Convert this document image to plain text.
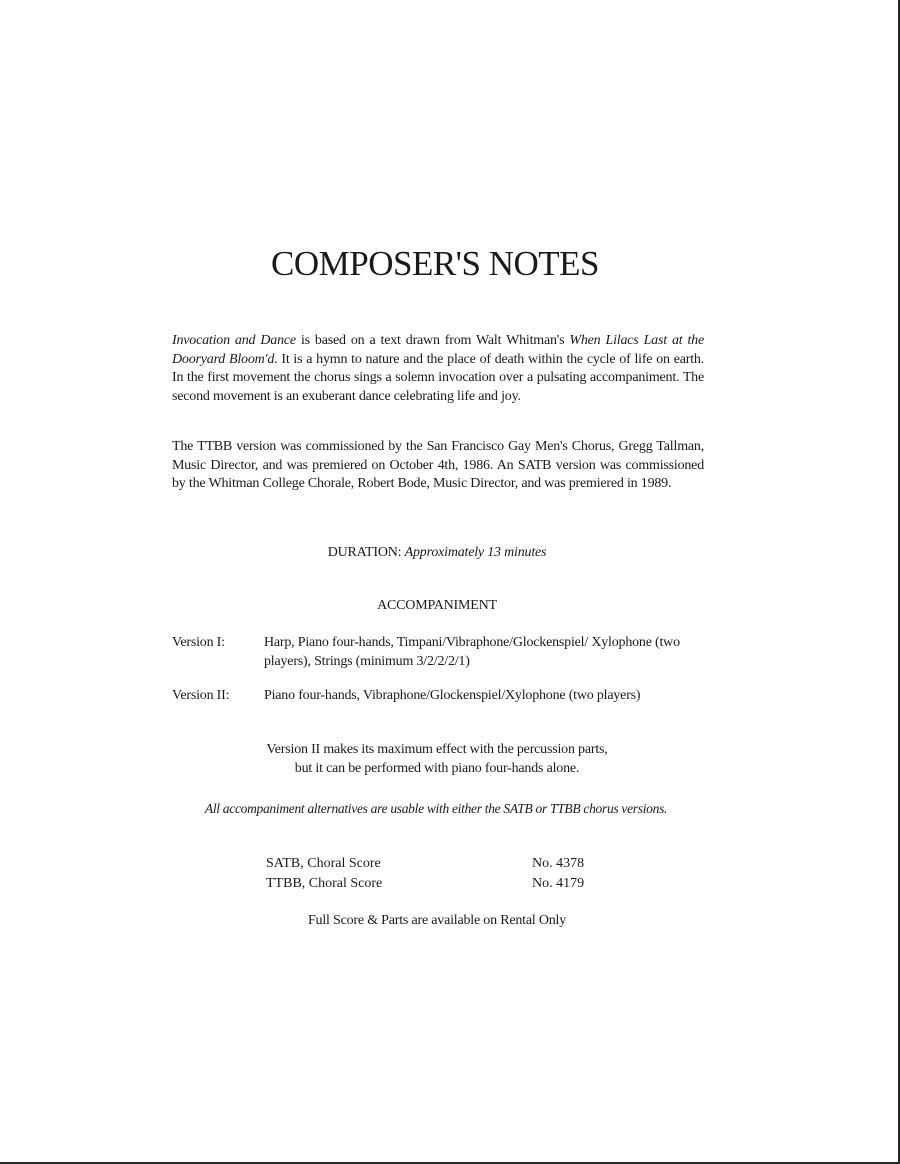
COMPOSER'S NOTES

Invocation and Dance is based on a text drawn from Walt Whitman's When Lilacs Last at the Dooryard Bloom'd. It is a hymn to nature and the place of death within the cycle of life on earth. In the first movement the chorus sings a solemn invocation over a pulsating accompaniment. The second movement is an exuberant dance celebrating life and joy.

The TTBB version was commissioned by the San Francisco Gay Men's Chorus, Gregg Tallman, Music Director, and was premiered on October 4th, 1986. An SATB version was commissioned by the Whitman College Chorale, Robert Bode, Music Director, and was premiered in 1989.

DURATION: Approximately 13 minutes

ACCOMPANIMENT

Version I:	Harp, Piano four-hands, Timpani/Vibraphone/Glockenspiel/ Xylophone (two players), Strings (minimum 3/2/2/2/1)
Version II:	Piano four-hands, Vibraphone/Glockenspiel/Xylophone (two players)

Version II makes its maximum effect with the percussion parts,
but it can be performed with piano four-hands alone.

All accompaniment alternatives are usable with either the SATB or TTBB chorus versions.

SATB, Choral Score	No. 4378
TTBB, Choral Score	No. 4179

Full Score & Parts are available on Rental Only
